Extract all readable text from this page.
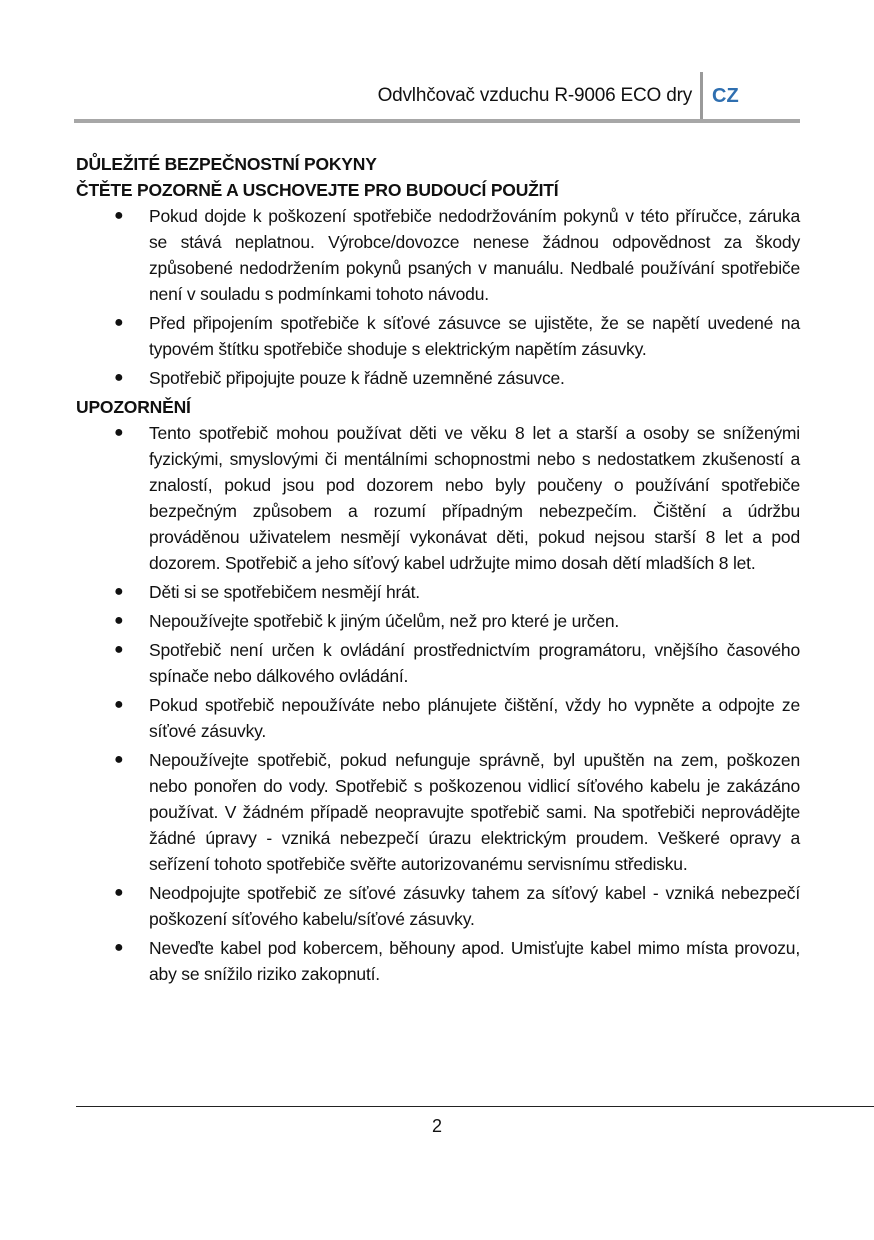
Odvlhčovač vzduchu R-9006 ECO dry CZ
DŮLEŽITÉ BEZPEČNOSTNÍ POKYNY
ČTĚTE POZORNĚ A USCHOVEJTE PRO BUDOUCÍ POUŽITÍ
● Pokud dojde k poškození spotřebiče nedodržováním pokynů v této příručce, záruka se stává neplatnou. Výrobce/dovozce nenese žádnou odpovědnost za škody způsobené nedodržením pokynů psaných v manuálu. Nedbalé používání spotřebiče není v souladu s podmínkami tohoto návodu.
● Před připojením spotřebiče k síťové zásuvce se ujistěte, že se napětí uvedené na typovém štítku spotřebiče shoduje s elektrickým napětím zásuvky.
● Spotřebič připojujte pouze k řádně uzemněné zásuvce.
UPOZORNĚNÍ
● Tento spotřebič mohou používat děti ve věku 8 let a starší a osoby se sníženými fyzickými, smyslovými či mentálními schopnostmi nebo s nedostatkem zkušeností a znalostí, pokud jsou pod dozorem nebo byly poučeny o používání spotřebiče bezpečným způsobem a rozumí případným nebezpečím. Čištění a údržbu prováděnou uživatelem nesmějí vykonávat děti, pokud nejsou starší 8 let a pod dozorem. Spotřebič a jeho síťový kabel udržujte mimo dosah dětí mladších 8 let.
● Děti si se spotřebičem nesmějí hrát.
● Nepoužívejte spotřebič k jiným účelům, než pro které je určen.
● Spotřebič není určen k ovládání prostřednictvím programátoru, vnějšího časového spínače nebo dálkového ovládání.
● Pokud spotřebič nepoužíváte nebo plánujete čištění, vždy ho vypněte a odpojte ze síťové zásuvky.
● Nepoužívejte spotřebič, pokud nefunguje správně, byl upuštěn na zem, poškozen nebo ponořen do vody. Spotřebič s poškozenou vidlicí síťového kabelu je zakázáno používat. V žádném případě neopravujte spotřebič sami. Na spotřebiči neprovádějte žádné úpravy - vzniká nebezpečí úrazu elektrickým proudem. Veškeré opravy a seřízení tohoto spotřebiče svěřte autorizovanému servisnímu středisku.
● Neodpojujte spotřebič ze síťové zásuvky tahem za síťový kabel - vzniká nebezpečí poškození síťového kabelu/síťové zásuvky.
● Neveďte kabel pod kobercem, běhouny apod. Umisťujte kabel mimo místa provozu, aby se snížilo riziko zakopnutí.
2
